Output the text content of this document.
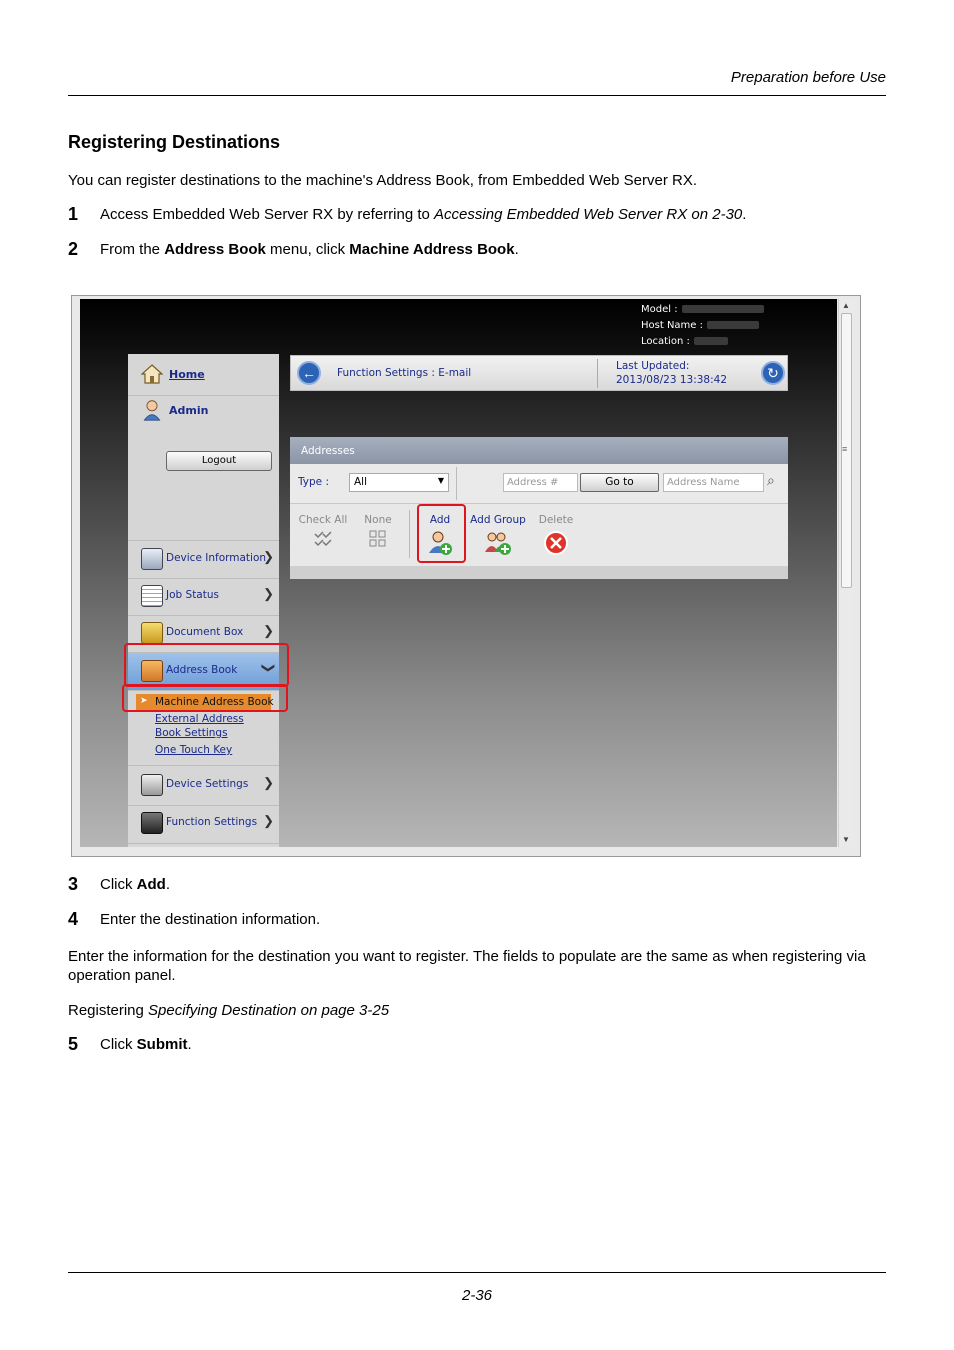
Preparation before Use
Registering Destinations
You can register destinations to the machine's Address Book, from Embedded Web Server RX.
1 Access Embedded Web Server RX by referring to Accessing Embedded Web Server RX on 2-30.
2 From the Address Book menu, click Machine Address Book.
Model :
Host Name :
Location :
Home
Admin
Logout
Device Information
❯
Job Status	❯
Document Box ❯
Address Book ❯
➤ Machine Address Book
External Address
Book Settings
One Touch Key
Device Settings ❯
Function Settings ❯
←	Function Settings : E-mail
Last Updated:
2013/08/23 13:38:42	↻
Addresses
Type :	All	▼	Address #	Go to	Address Name	⌕
Check All	None	Add	Add Group Delete
▲
≡
▼
3 Click Add.
4 Enter the destination information.
Enter the information for the destination you want to register. The fields to populate are the same as when registering via operation panel.
Registering Specifying Destination on page 3-25
5 Click Submit.
2-36
